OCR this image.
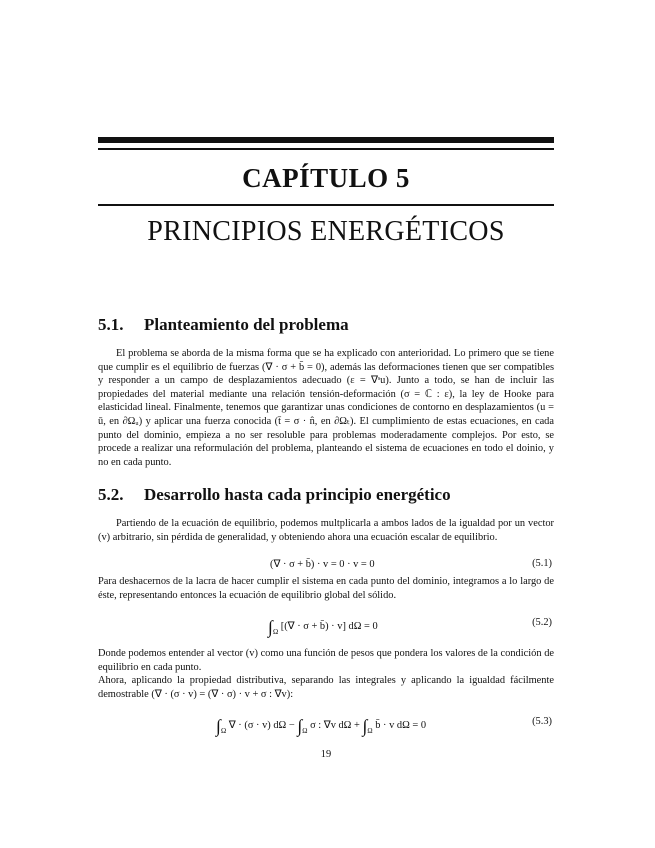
CAPÍTULO 5
PRINCIPIOS ENERGÉTICOS
5.1. Planteamiento del problema
El problema se aborda de la misma forma que se ha explicado con anterioridad. Lo primero que se tiene que cumplir es el equilibrio de fuerzas (∇ · σ + b̄ = 0), además las deformaciones tienen que ser compatibles y responder a un campo de desplazamientos adecuado (ε = ∇ˢu). Junto a todo, se han de incluir las propiedades del material mediante una relación tensión-deformación (σ = ℂ : ε), la ley de Hooke para elasticidad lineal. Finalmente, tenemos que garantizar unas condiciones de contorno en desplazamientos (u = ū, en ∂Ωᵤ) y aplicar una fuerza conocida (t̄ = σ · n̂, en ∂Ωₜ). El cumplimiento de estas ecuaciones, en cada punto del dominio, empieza a no ser resoluble para problemas moderadamente complejos. Por esto, se procede a realizar una reformulación del problema, planteando el sistema de ecuaciones en todo el doinio, y no en cada punto.
5.2. Desarrollo hasta cada principio energético
Partiendo de la ecuación de equilibrio, podemos multplicarla a ambos lados de la igualdad por un vector (v) arbitrario, sin pérdida de generalidad, y obteniendo ahora una ecuación escalar de equilibrio.
(∇ · σ + b̄) · v = 0 · v = 0	(5.1)
Para deshacernos de la lacra de hacer cumplir el sistema en cada punto del dominio, integramos a lo largo de éste, representando entonces la ecuación de equilibrio global del sólido.
$\int_\Omega$ [(∇ · σ + b̄) · v] dΩ = 0	(5.2)
Donde podemos entender al vector (v) como una función de pesos que pondera los valores de la condición de equilibrio en cada punto.
Ahora, aplicando la propiedad distributiva, separando las integrales y aplicando la igualdad fácilmente demostrable (∇ · (σ · v) = (∇ · σ) · v + σ : ∇v):
$\int_\Omega$ ∇ · (σ · v) $d\Omega - \int_\Omega$ σ : ∇v $d\Omega + \int_\Omega$ b̄ · v dΩ = 0	(5.3)
19
